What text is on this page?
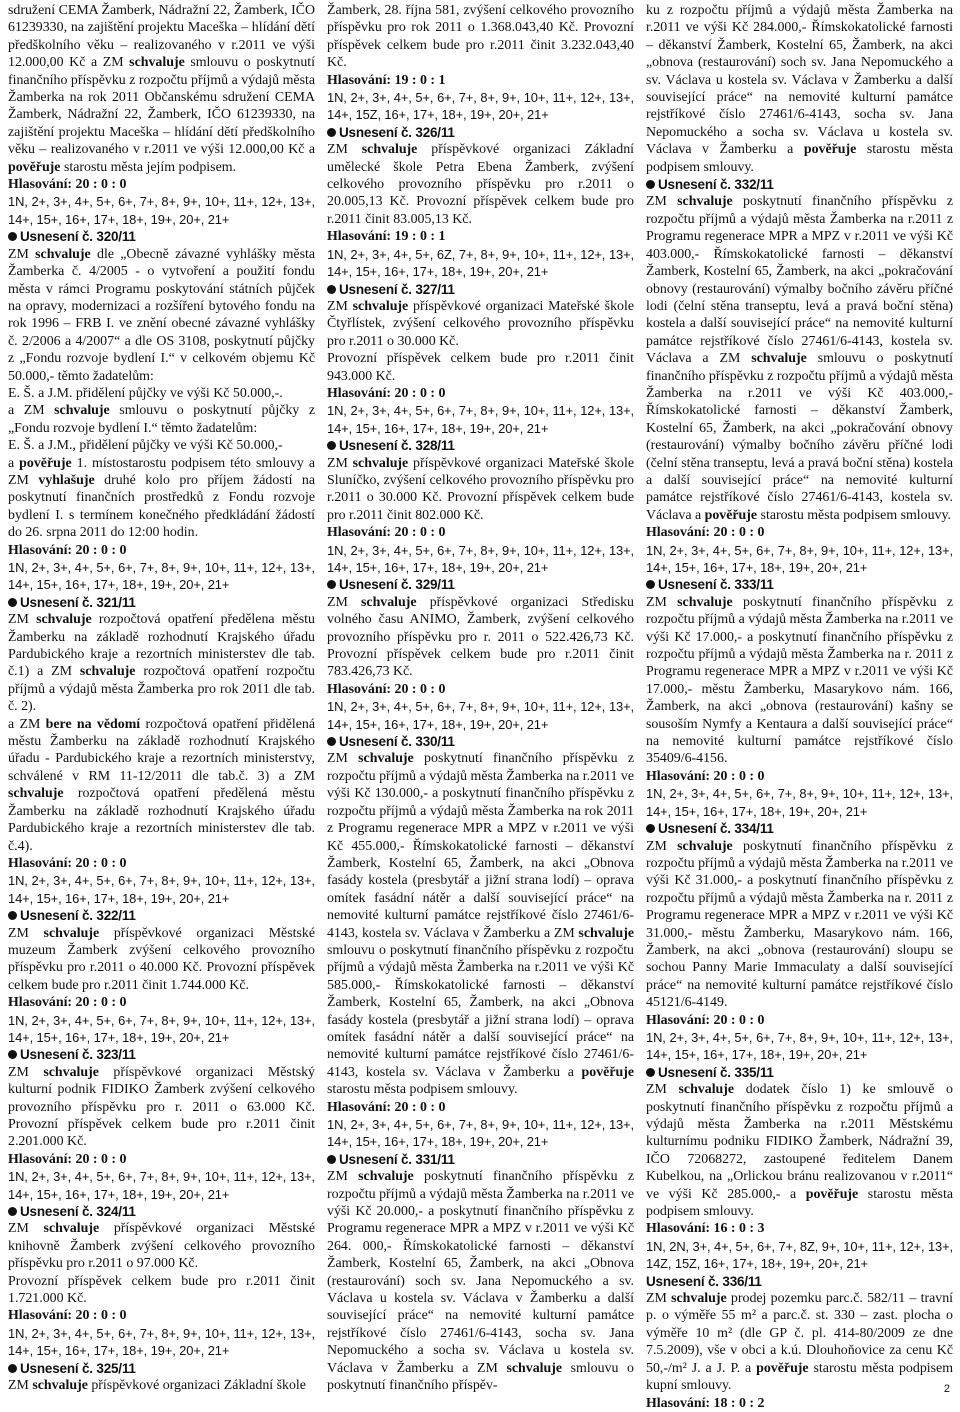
sdružení CEMA Žamberk, Nádražní 22, Žamberk, IČO 61239330, na zajištění projektu Maceška – hlídání dětí předškolního věku – realizovaného v r.2011 ve výši 12.000,00 Kč a ZM schvaluje smlouvu o poskytnutí finančního příspěvku z rozpočtu příjmů a výdajů města Žamberka na rok 2011 Občanskému sdružení CEMA Žamberk, Nádražní 22, Žamberk, IČO 61239330, na zajištění projektu Maceška – hlídání dětí předškolního věku – realizovaného v r.2011 ve výši 12.000,00 Kč a pověřuje starostu města jejím podpisem.

Hlasování: 20 : 0 : 0

1N, 2+, 3+, 4+, 5+, 6+, 7+, 8+, 9+, 10+, 11+, 12+, 13+, 14+, 15+, 16+, 17+, 18+, 19+, 20+, 21+

Usnesení č. 320/11

ZM schvaluje dle „Obecně závazné vyhlášky města Žamberka č. 4/2005 - o vytvoření a použití fondu města v rámci Programu poskytování státních půjček na opravy, modernizaci a rozšíření bytového fondu na rok 1996 – FRB I. ve znění obecné závazné vyhlášky č. 2/2006 a 4/2007“ a dle OS 3108, poskytnutí půjčky z „Fondu rozvoje bydlení I.“ v celkovém objemu Kč 50.000,- těmto žadatelům:

E. Š. a J.M. přidělení půjčky ve výši Kč 50.000,-.

a ZM schvaluje smlouvu o poskytnutí půjčky z „Fondu rozvoje bydlení I.“ těmto žadatelům:

E. Š. a J.M., přidělení půjčky ve výši Kč 50.000,-

a pověřuje 1. místostarostu podpisem této smlouvy a ZM vyhlašuje druhé kolo pro příjem žádostí na poskytnutí finančních prostředků z Fondu rozvoje bydlení I. s termínem konečného předkládání žádostí do 26. srpna 2011 do 12:00 hodin.

Hlasování: 20 : 0 : 0

1N, 2+, 3+, 4+, 5+, 6+, 7+, 8+, 9+, 10+, 11+, 12+, 13+, 14+, 15+, 16+, 17+, 18+, 19+, 20+, 21+

Usnesení č. 321/11

ZM schvaluje rozpočtová opatření předělena městu Žamberku na základě rozhodnutí Krajského úřadu Pardubického kraje a rezortních ministerstev dle tab. č.1) a ZM schvaluje rozpočtová opatření rozpočtu příjmů a výdajů města Žamberka pro rok 2011 dle tab. č. 2).

a ZM bere na vědomí rozpočtová opatření přidělená městu Žamberku na základě rozhodnutí Krajského úřadu - Pardubického kraje a rezortních ministerstvy, schválené v RM 11-12/2011 dle tab.č. 3) a ZM schvaluje rozpočtová opatření předělená městu Žamberku na základě rozhodnutí Krajského úřadu Pardubického kraje a rezortních ministerstev dle tab. č.4).

Hlasování: 20 : 0 : 0

1N, 2+, 3+, 4+, 5+, 6+, 7+, 8+, 9+, 10+, 11+, 12+, 13+, 14+, 15+, 16+, 17+, 18+, 19+, 20+, 21+

Usnesení č. 322/11

ZM schvaluje příspěvkové organizaci Městské muzeum Žamberk zvýšení celkového provozního příspěvku pro r.2011 o 40.000 Kč. Provozní příspěvek celkem bude pro r.2011 činit 1.744.000 Kč.

Hlasování: 20 : 0 : 0

1N, 2+, 3+, 4+, 5+, 6+, 7+, 8+, 9+, 10+, 11+, 12+, 13+, 14+, 15+, 16+, 17+, 18+, 19+, 20+, 21+

Usnesení č. 323/11

ZM schvaluje příspěvkové organizaci Městský kulturní podnik FIDIKO Žamberk zvýšení celkového provozního příspěvku pro r. 2011 o 63.000 Kč. Provozní příspěvek celkem bude pro r.2011 činit 2.201.000 Kč.

Hlasování: 20 : 0 : 0

1N, 2+, 3+, 4+, 5+, 6+, 7+, 8+, 9+, 10+, 11+, 12+, 13+, 14+, 15+, 16+, 17+, 18+, 19+, 20+, 21+

Usnesení č. 324/11

ZM schvaluje příspěvkové organizaci Městské knihovně Žamberk zvýšení celkového provozního příspěvku pro r.2011 o 97.000 Kč.

Provozní příspěvek celkem bude pro r.2011 činit 1.721.000 Kč.

Hlasování: 20 : 0 : 0

1N, 2+, 3+, 4+, 5+, 6+, 7+, 8+, 9+, 10+, 11+, 12+, 13+, 14+, 15+, 16+, 17+, 18+, 19+, 20+, 21+

Usnesení č. 325/11

ZM schvaluje příspěvkové organizaci Základní škole

Žamberk, 28. října 581, zvýšení celkového provozního příspěvku pro rok 2011 o 1.368.043,40 Kč. Provozní příspěvek celkem bude pro r.2011 činit 3.232.043,40 Kč.

Hlasování: 19 : 0 : 1

1N, 2+, 3+, 4+, 5+, 6+, 7+, 8+, 9+, 10+, 11+, 12+, 13+, 14+, 15Z, 16+, 17+, 18+, 19+, 20+, 21+

Usnesení č. 326/11

ZM schvaluje příspěvkové organizaci Základní umělecké škole Petra Ebena Žamberk, zvýšení celkového provozního příspěvku pro r.2011 o 20.005,13 Kč. Provozní příspěvek celkem bude pro r.2011 činit 83.005,13 Kč.

Hlasování: 19 : 0 : 1

1N, 2+, 3+, 4+, 5+, 6Z, 7+, 8+, 9+, 10+, 11+, 12+, 13+, 14+, 15+, 16+, 17+, 18+, 19+, 20+, 21+

Usnesení č. 327/11

ZM schvaluje příspěvkové organizaci Mateřské škole Čtyřlístek, zvýšení celkového provozního příspěvku pro r.2011 o 30.000 Kč.

Provozní příspěvek celkem bude pro r.2011 činit 943.000 Kč.

Hlasování: 20 : 0 : 0

1N, 2+, 3+, 4+, 5+, 6+, 7+, 8+, 9+, 10+, 11+, 12+, 13+, 14+, 15+, 16+, 17+, 18+, 19+, 20+, 21+

Usnesení č. 328/11

ZM schvaluje příspěvkové organizaci Mateřské škole Sluníčko, zvýšení celkového provozního příspěvku pro r.2011 o 30.000 Kč. Provozní příspěvek celkem bude pro r.2011 činit 802.000 Kč.

Hlasování: 20 : 0 : 0

1N, 2+, 3+, 4+, 5+, 6+, 7+, 8+, 9+, 10+, 11+, 12+, 13+, 14+, 15+, 16+, 17+, 18+, 19+, 20+, 21+

Usnesení č. 329/11

ZM schvaluje příspěvkové organizaci Středisku volného času ANIMO, Žamberk, zvýšení celkového provozního příspěvku pro r. 2011 o 522.426,73 Kč. Provozní příspěvek celkem bude pro r.2011 činit 783.426,73 Kč.

Hlasování: 20 : 0 : 0

1N, 2+, 3+, 4+, 5+, 6+, 7+, 8+, 9+, 10+, 11+, 12+, 13+, 14+, 15+, 16+, 17+, 18+, 19+, 20+, 21+

Usnesení č. 330/11

ZM schvaluje poskytnutí finančního příspěvku z rozpočtu příjmů a výdajů města Žamberka na r.2011 ve výši Kč 130.000,- a poskytnutí finančního příspěvku z rozpočtu příjmů a výdajů města Žamberka na rok 2011 z Programu regenerace MPR a MPZ v r.2011 ve výši Kč 455.000,- Římskokatolické farnosti – děkanství Žamberk, Kostelní 65, Žamberk, na akci „Obnova fasády kostela (presbytář a jižní strana lodí) – oprava omítek fasádní nátěr a další související práce“ na nemovité kulturní památce rejstříkové číslo 27461/6-4143, kostela sv. Václava v Žamberku a ZM schvaluje smlouvu o poskytnutí finančního příspěvku z rozpočtu příjmů a výdajů města Žamberka na r.2011 ve výši Kč 585.000,- Římskokatolické farnosti – děkanství Žamberk, Kostelní 65, Žamberk, na akci „Obnova fasády kostela (presbytář a jižní strana lodí) – oprava omítek fasádní nátěr a další související práce“ na nemovité kulturní památce rejstříkové číslo 27461/6-4143, kostela sv. Václava v Žamberku a pověřuje starostu města podpisem smlouvy.

Hlasování: 20 : 0 : 0

1N, 2+, 3+, 4+, 5+, 6+, 7+, 8+, 9+, 10+, 11+, 12+, 13+, 14+, 15+, 16+, 17+, 18+, 19+, 20+, 21+

Usnesení č. 331/11

ZM schvaluje poskytnutí finančního příspěvku z rozpočtu příjmů a výdajů města Žamberka na r.2011 ve výši Kč 20.000,- a poskytnutí finančního příspěvku z Programu regenerace MPR a MPZ v r.2011 ve výši Kč 264. 000,- Římskokatolické farnosti – děkanství Žamberk, Kostelní 65, Žamberk, na akci „Obnova (restaurování) soch sv. Jana Nepomuckého a sv. Václava u kostela sv. Václava v Žamberku a další související práce“ na nemovité kulturní památce rejstříkové číslo 27461/6-4143, socha sv. Jana Nepomuckého a socha sv. Václava u kostela sv. Václava v Žamberku a ZM schvaluje smlouvu o poskytnutí finančního příspěv-

ku z rozpočtu příjmů a výdajů města Žamberka na r.2011 ve výši Kč 284.000,- Římskokatolické farnosti – děkanství Žamberk, Kostelní 65, Žamberk, na akci „obnova (restaurování) soch sv. Jana Nepomuckého a sv. Václava u kostela sv. Václava v Žamberku a další související práce“ na nemovité kulturní památce rejstříkové číslo 27461/6-4143, socha sv. Jana Nepomuckého a socha sv. Václava u kostela sv. Václava v Žamberku a pověřuje starostu města podpisem smlouvy.

Usnesení č. 332/11

ZM schvaluje poskytnutí finančního příspěvku z rozpočtu příjmů a výdajů města Žamberka na r.2011 z Programu regenerace MPR a MPZ v r.2011 ve výši Kč 403.000,- Římskokatolické farnosti – děkanství Žamberk, Kostelní 65, Žamberk, na akci „pokračování obnovy (restaurování) výmalby bočního závěru příčné lodi (čelní stěna transeptu, levá a pravá boční stěna) kostela a další související práce“ na nemovité kulturní památce rejstříkové číslo 27461/6-4143, kostela sv. Václava a ZM schvaluje smlouvu o poskytnutí finančního příspěvku z rozpočtu příjmů a výdajů města Žamberka na r.2011 ve výši Kč 403.000,- Římskokatolické farnosti – děkanství Žamberk, Kostelní 65, Žamberk, na akci „pokračování obnovy (restaurování) výmalby bočního závěru příčné lodi (čelní stěna transeptu, levá a pravá boční stěna) kostela a další související práce“ na nemovité kulturní památce rejstříkové číslo 27461/6-4143, kostela sv. Václava a pověřuje starostu města podpisem smlouvy.

Hlasování: 20 : 0 : 0

1N, 2+, 3+, 4+, 5+, 6+, 7+, 8+, 9+, 10+, 11+, 12+, 13+, 14+, 15+, 16+, 17+, 18+, 19+, 20+, 21+

Usnesení č. 333/11

ZM schvaluje poskytnutí finančního příspěvku z rozpočtu příjmů a výdajů města Žamberka na r.2011 ve výši Kč 17.000,- a poskytnutí finančního příspěvku z rozpočtu příjmů a výdajů města Žamberka na r. 2011 z Programu regenerace MPR a MPZ v r.2011 ve výši Kč 17.000,- městu Žamberku, Masarykovo nám. 166, Žamberk, na akci „obnova (restaurování) kašny se sousoším Nymfy a Kentaura a další související práce“ na nemovité kulturní památce rejstříkové číslo 35409/6-4156.

Hlasování: 20 : 0 : 0

1N, 2+, 3+, 4+, 5+, 6+, 7+, 8+, 9+, 10+, 11+, 12+, 13+, 14+, 15+, 16+, 17+, 18+, 19+, 20+, 21+

Usnesení č. 334/11

ZM schvaluje poskytnutí finančního příspěvku z rozpočtu příjmů a výdajů města Žamberka na r.2011 ve výši Kč 31.000,- a poskytnutí finančního příspěvku z rozpočtu příjmů a výdajů města Žamberka na r. 2011 z Programu regenerace MPR a MPZ v r.2011 ve výši Kč 31.000,- městu Žamberku, Masarykovo nám. 166, Žamberk, na akci „obnova (restaurování) sloupu se sochou Panny Marie Immaculaty a další související práce“ na nemovité kulturní památce rejstříkové číslo 45121/6-4149.

Hlasování: 20 : 0 : 0

1N, 2+, 3+, 4+, 5+, 6+, 7+, 8+, 9+, 10+, 11+, 12+, 13+, 14+, 15+, 16+, 17+, 18+, 19+, 20+, 21+

Usnesení č. 335/11

ZM schvaluje dodatek číslo 1) ke smlouvě o poskytnutí finančního příspěvku z rozpočtu příjmů a výdajů města Žamberka na r.2011 Městskému kulturnímu podniku FIDIKO Žamberk, Nádražní 39, IČO 72068272, zastoupené ředitelem Danem Kubelkou, na „Orlickou bránu realizovanou v r.2011“ ve výši Kč 285.000,- a pověřuje starostu města podpisem smlouvy.

Hlasování: 16 : 0 : 3

1N, 2N, 3+, 4+, 5+, 6+, 7+, 8Z, 9+, 10+, 11+, 12+, 13+, 14Z, 15Z, 16+, 17+, 18+, 19+, 20+, 21+

Usnesení č. 336/11

ZM schvaluje prodej pozemku parc.č. 582/11 – travní p. o výměře 55 m² a parc.č. st. 330 – zast. plocha o výměře 10 m² (dle GP č. pl. 414-80/2009 ze dne 7.5.2009), vše v obci a k.ú. Dlouhoňovice za cenu Kč 50,-/m² J. a J. P. a pověřuje starostu města podpisem kupní smlouvy.

Hlasování: 18 : 0 : 2

2
